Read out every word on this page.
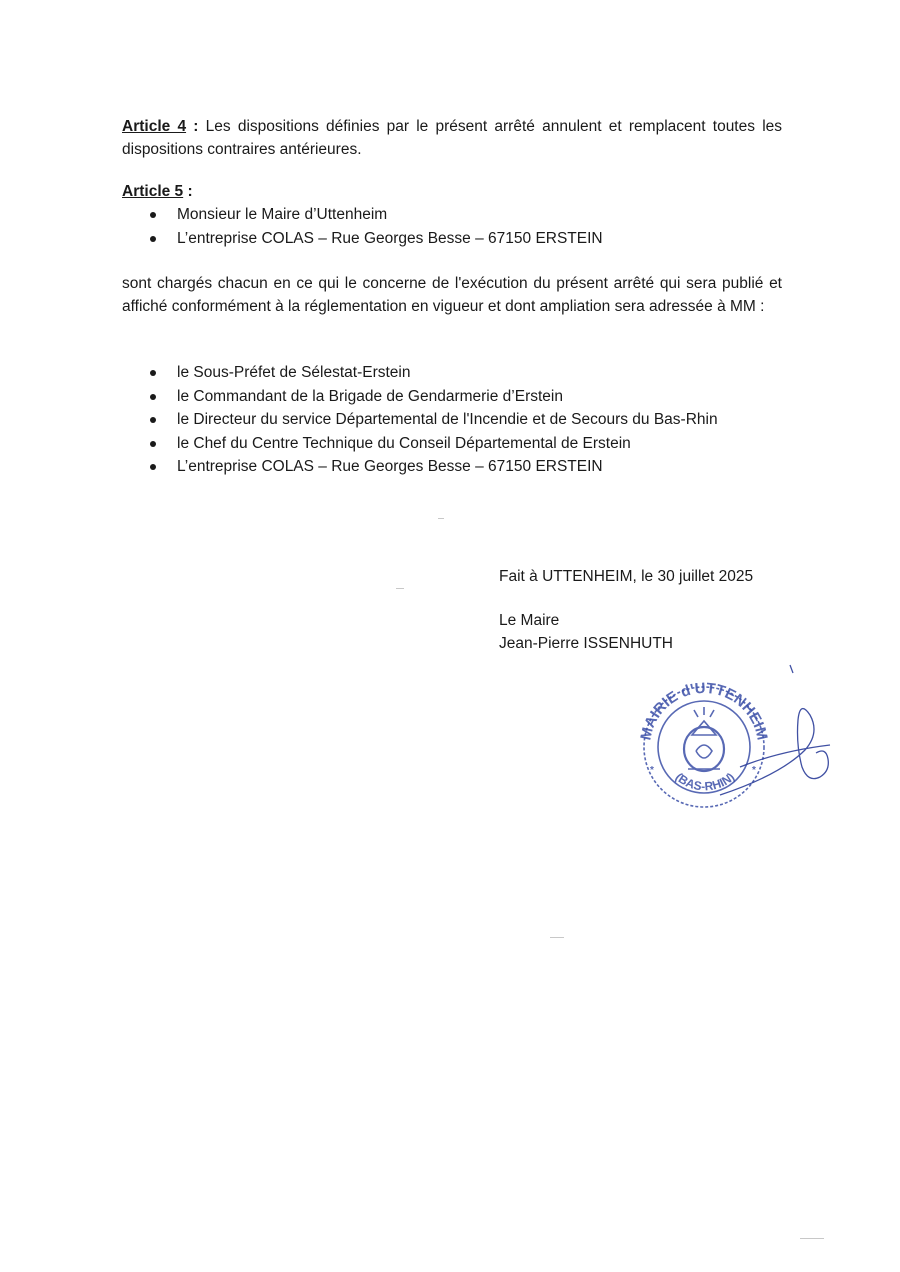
Article 4 : Les dispositions définies par le présent arrêté annulent et remplacent toutes les dispositions contraires antérieures.
Article 5 :
Monsieur le Maire d’Uttenheim
L’entreprise COLAS – Rue Georges Besse – 67150 ERSTEIN
sont chargés chacun en ce qui le concerne de l'exécution du présent arrêté qui sera publié et affiché conformément à la réglementation en vigueur et dont ampliation sera adressée à MM :
le Sous-Préfet de Sélestat-Erstein
le Commandant de la Brigade de Gendarmerie d’Erstein
le Directeur du service Départemental de l'Incendie et de Secours du Bas-Rhin
le Chef du Centre Technique du Conseil Départemental de Erstein
L’entreprise COLAS – Rue Georges Besse – 67150 ERSTEIN
Fait à UTTENHEIM, le 30 juillet 2025
Le Maire
Jean-Pierre ISSENHUTH
MAIRIE d'UTTENHEIM
(BAS-RHIN)
*	*
